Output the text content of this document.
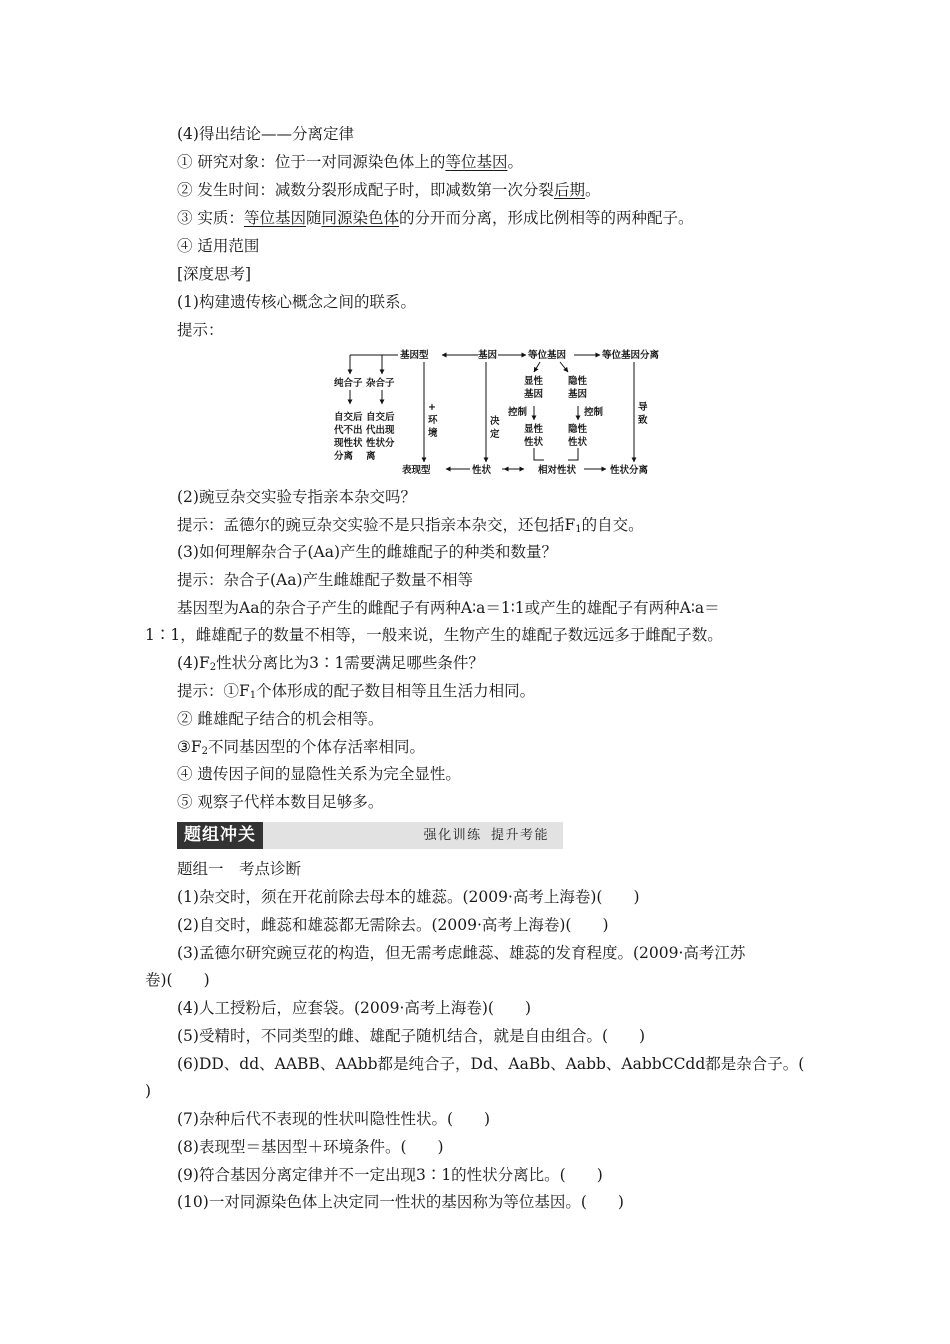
(4)得出结论——分离定律
① 研究对象：位于一对同源染色体上的等位基因。
② 发生时间：减数分裂形成配子时，即减数第一次分裂后期。
③ 实质：等位基因随同源染色体的分开而分离，形成比例相等的两种配子。
④ 适用范围
[深度思考]
(1)构建遗传核心概念之间的联系。
提示：
基因型	基因	等位基因	等位基因分离
纯合子 杂合子	显性
基因
隐性
基因
控制	控制
自交后
代不出
现性状
分离
自交后
代出现
性状分
离
+
环
境
决
定
导
致
显性
性状
隐性
性状
表现型	性状	相对性状	性状分离
(2)豌豆杂交实验专指亲本杂交吗？
提示：孟德尔的豌豆杂交实验不是只指亲本杂交，还包括$F_1$的自交。
(3)如何理解杂合子(Aa)产生的雌雄配子的种类和数量？
提示：杂合子(Aa)产生雌雄配子数量不相等
基因型为Aa的杂合子产生的雌配子有两种A∶a＝1∶1或产生的雄配子有两种A∶a＝
1∶1，雌雄配子的数量不相等，一般来说，生物产生的雄配子数远远多于雌配子数。
$(4)F_2$性状分离比为3∶1需要满足哪些条件？
提示：$①F_1$个体形成的配子数目相等且生活力相同。
② 雌雄配子结合的机会相等。
$③F_2$不同基因型的个体存活率相同。
④ 遗传因子间的显隐性关系为完全显性。
⑤ 观察子代样本数目足够多。
题组冲关	强化训练 提升考能
题组一　考点诊断
(1)杂交时，须在开花前除去母本的雄蕊。(2009·高考上海卷)(　　)
(2)自交时，雌蕊和雄蕊都无需除去。(2009·高考上海卷)(　　)
(3)孟德尔研究豌豆花的构造，但无需考虑雌蕊、雄蕊的发育程度。(2009·高考江苏
卷)(　　)
(4)人工授粉后，应套袋。(2009·高考上海卷)(　　)
(5)受精时，不同类型的雌、雄配子随机结合，就是自由组合。(　　)
(6)DD、dd、AABB、AAbb都是纯合子，Dd、AaBb、Aabb、AabbCCdd都是杂合子。(
)
(7)杂种后代不表现的性状叫隐性性状。(　　)
(8)表现型＝基因型＋环境条件。(　　)
(9)符合基因分离定律并不一定出现3∶1的性状分离比。(　　)
(10)一对同源染色体上决定同一性状的基因称为等位基因。(　　)
